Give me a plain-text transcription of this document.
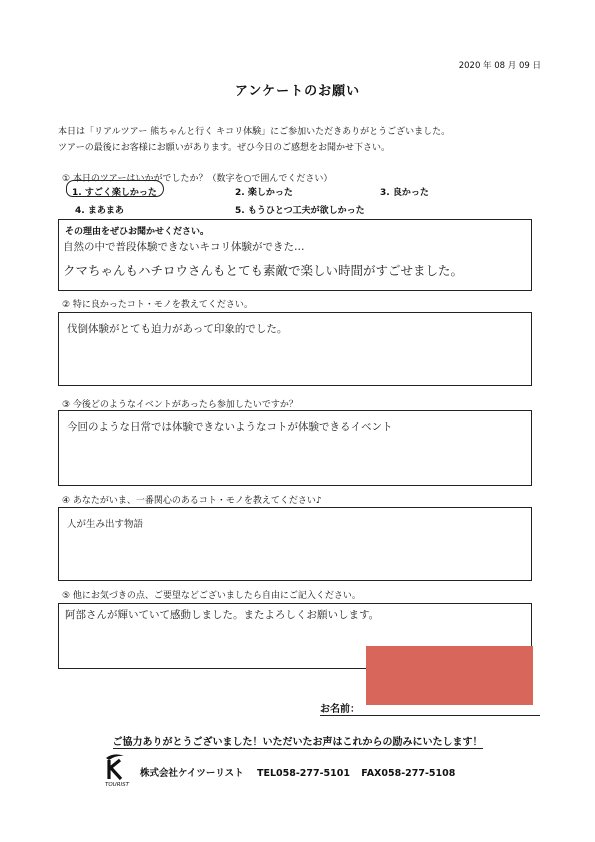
2020 年 08 月 09 日
アンケートのお願い
本日は「リアルツアー 熊ちゃんと行く キコリ体験」にご参加いただきありがとうございました。
ツアーの最後にお客様にお願いがあります。ぜひ今日のご感想をお聞かせ下さい。
① 本日のツアーはいかがでしたか？（数字を○で囲んでください）
1. すごく楽しかった	2. 楽しかった	3. 良かった
4. まあまあ	5. もうひとつ工夫が欲しかった
その理由をぜひお聞かせください。
自然の中で普段体験できないキコリ体験ができた…
クマちゃんもハチロウさんもとても素敵で楽しい時間がすごせました。
② 特に良かったコト・モノを教えてください。
伐倒体験がとても迫力があって印象的でした。
③ 今後どのようなイベントがあったら参加したいですか？
今回のような日常では体験できないようなコトが体験できるイベント
④ あなたがいま、一番関心のあるコト・モノを教えてください♪
人が生み出す物語
⑤ 他にお気づきの点、ご要望などございましたら自由にご記入ください。
阿部さんが輝いていて感動しました。またよろしくお願いします。
お名前：
ご協力ありがとうございました！いただいたお声はこれからの励みにいたします！
TOURIST
株式会社ケイツーリスト TEL058-277-5101 FAX058-277-5108
